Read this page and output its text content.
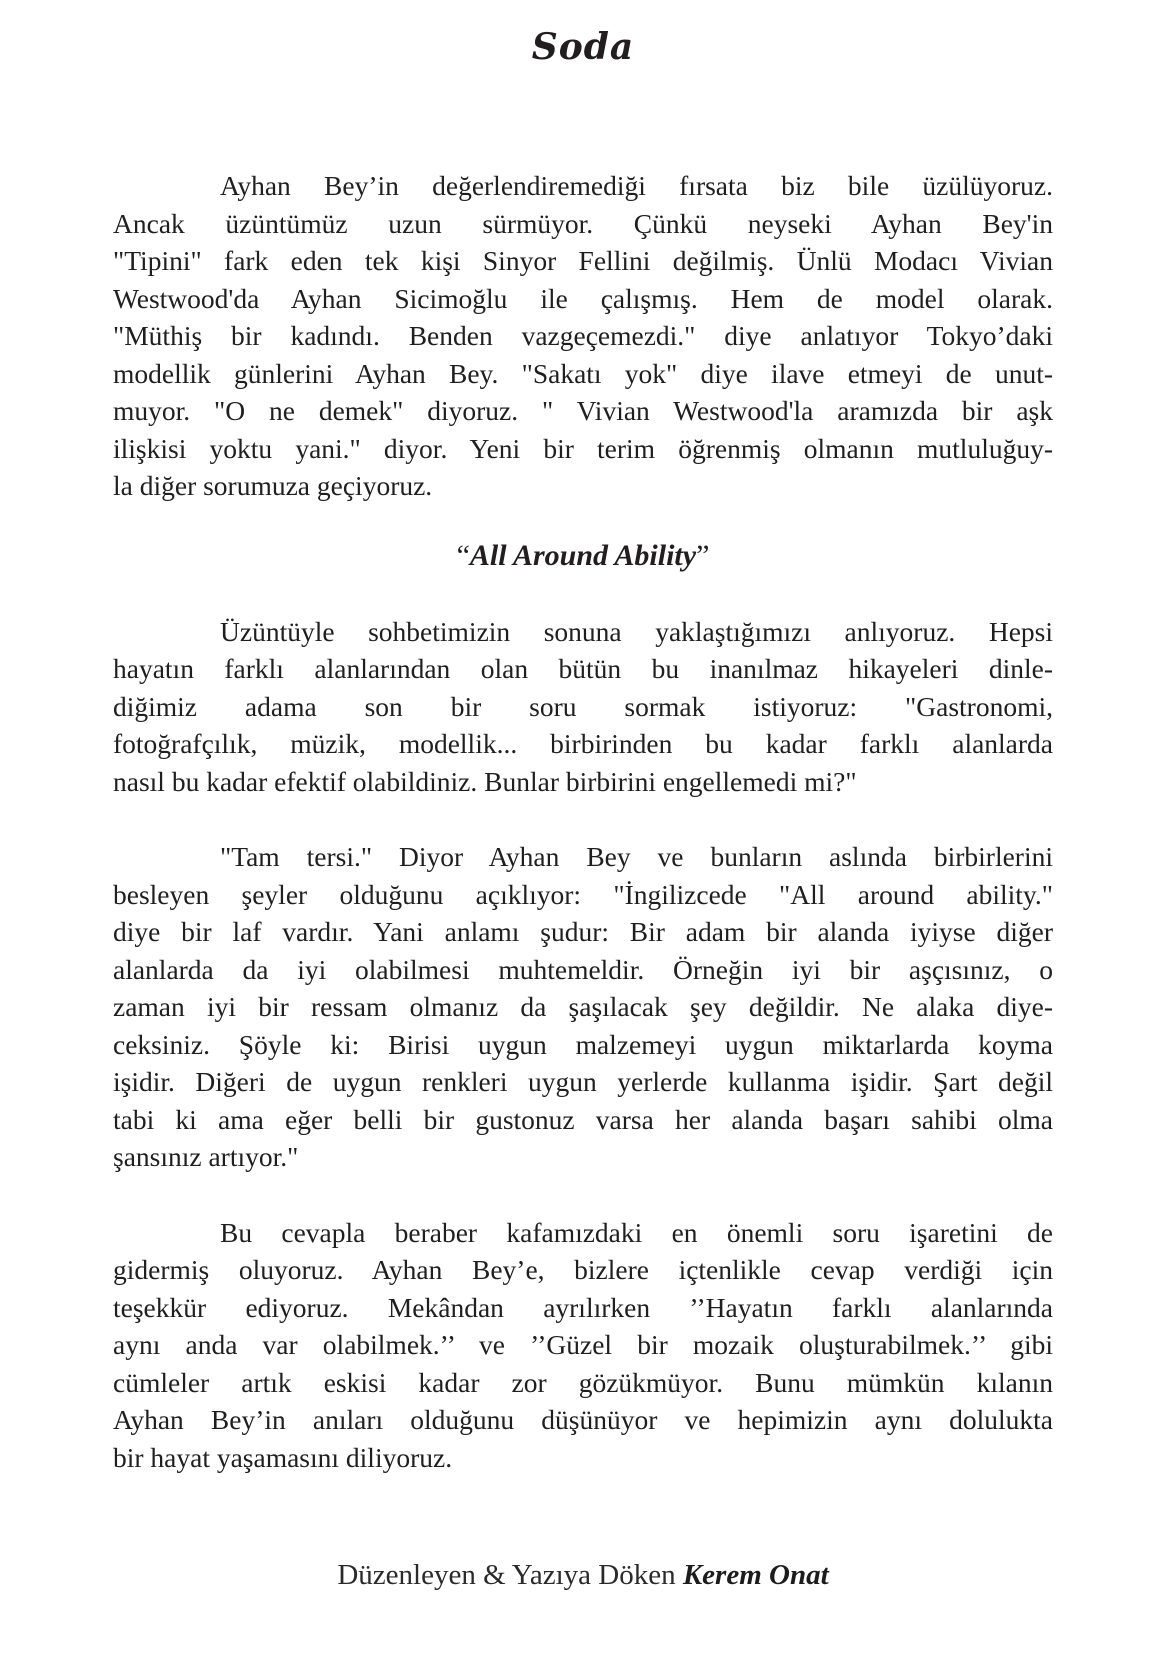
Soda
Ayhan Bey’in değerlendiremediği fırsata biz bile üzülüyoruz.
Ancak üzüntümüz uzun sürmüyor. Çünkü neyseki Ayhan Bey'in
"Tipini" fark eden tek kişi Sinyor Fellini değilmiş. Ünlü Modacı Vivian
Westwood'da Ayhan Sicimoğlu ile çalışmış. Hem de model olarak.
"Müthiş bir kadındı. Benden vazgeçemezdi." diye anlatıyor Tokyo’daki
modellik günlerini Ayhan Bey. "Sakatı yok" diye ilave etmeyi de unut-
muyor. "O ne demek" diyoruz. " Vivian Westwood'la aramızda bir aşk
ilişkisi yoktu yani." diyor. Yeni bir terim öğrenmiş olmanın mutluluğuy-
la diğer sorumuza geçiyoruz.
“All Around Ability”
Üzüntüyle sohbetimizin sonuna yaklaştığımızı anlıyoruz. Hepsi
hayatın farklı alanlarından olan bütün bu inanılmaz hikayeleri dinle-
diğimiz adama son bir soru sormak istiyoruz: "Gastronomi,
fotoğrafçılık, müzik, modellik... birbirinden bu kadar farklı alanlarda
nasıl bu kadar efektif olabildiniz. Bunlar birbirini engellemedi mi?"
"Tam tersi." Diyor Ayhan Bey ve bunların aslında birbirlerini
besleyen şeyler olduğunu açıklıyor: "İngilizcede "All around ability."
diye bir laf vardır. Yani anlamı şudur: Bir adam bir alanda iyiyse diğer
alanlarda da iyi olabilmesi muhtemeldir. Örneğin iyi bir aşçısınız, o
zaman iyi bir ressam olmanız da şaşılacak şey değildir. Ne alaka diye-
ceksiniz. Şöyle ki: Birisi uygun malzemeyi uygun miktarlarda koyma
işidir. Diğeri de uygun renkleri uygun yerlerde kullanma işidir. Şart değil
tabi ki ama eğer belli bir gustonuz varsa her alanda başarı sahibi olma
şansınız artıyor."
Bu cevapla beraber kafamızdaki en önemli soru işaretini de
gidermiş oluyoruz. Ayhan Bey’e, bizlere içtenlikle cevap verdiği için
teşekkür ediyoruz. Mekândan ayrılırken ’’Hayatın farklı alanlarında
aynı anda var olabilmek.’’ ve ’’Güzel bir mozaik oluşturabilmek.’’ gibi
cümleler artık eskisi kadar zor gözükmüyor. Bunu mümkün kılanın
Ayhan Bey’in anıları olduğunu düşünüyor ve hepimizin aynı dolulukta
bir hayat yaşamasını diliyoruz.
Düzenleyen & Yazıya Döken Kerem Onat
